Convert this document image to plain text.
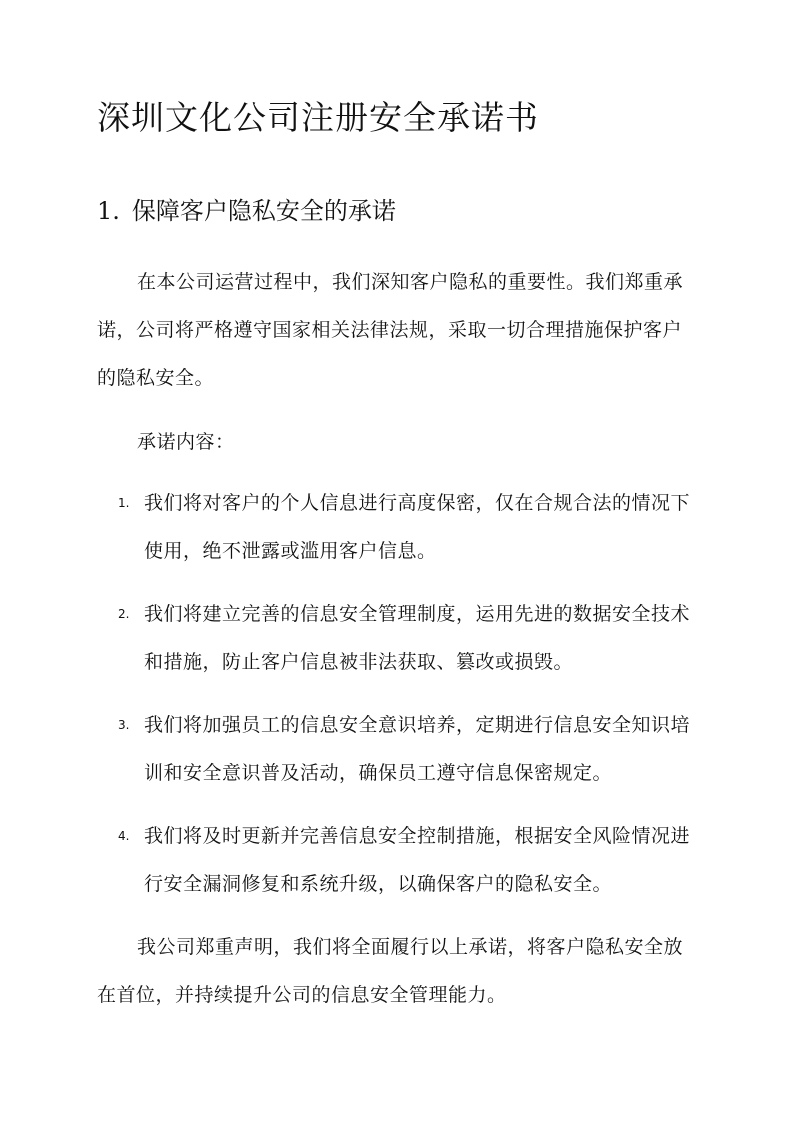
深圳文化公司注册安全承诺书
1. 保障客户隐私安全的承诺

在本公司运营过程中，我们深知客户隐私的重要性。我们郑重承诺，公司将严格遵守国家相关法律法规，采取一切合理措施保护客户的隐私安全。

承诺内容：

1. 我们将对客户的个人信息进行高度保密，仅在合规合法的情况下使用，绝不泄露或滥用客户信息。
2. 我们将建立完善的信息安全管理制度，运用先进的数据安全技术和措施，防止客户信息被非法获取、篡改或损毁。
3. 我们将加强员工的信息安全意识培养，定期进行信息安全知识培训和安全意识普及活动，确保员工遵守信息保密规定。
4. 我们将及时更新并完善信息安全控制措施，根据安全风险情况进行安全漏洞修复和系统升级，以确保客户的隐私安全。

我公司郑重声明，我们将全面履行以上承诺，将客户隐私安全放在首位，并持续提升公司的信息安全管理能力。
